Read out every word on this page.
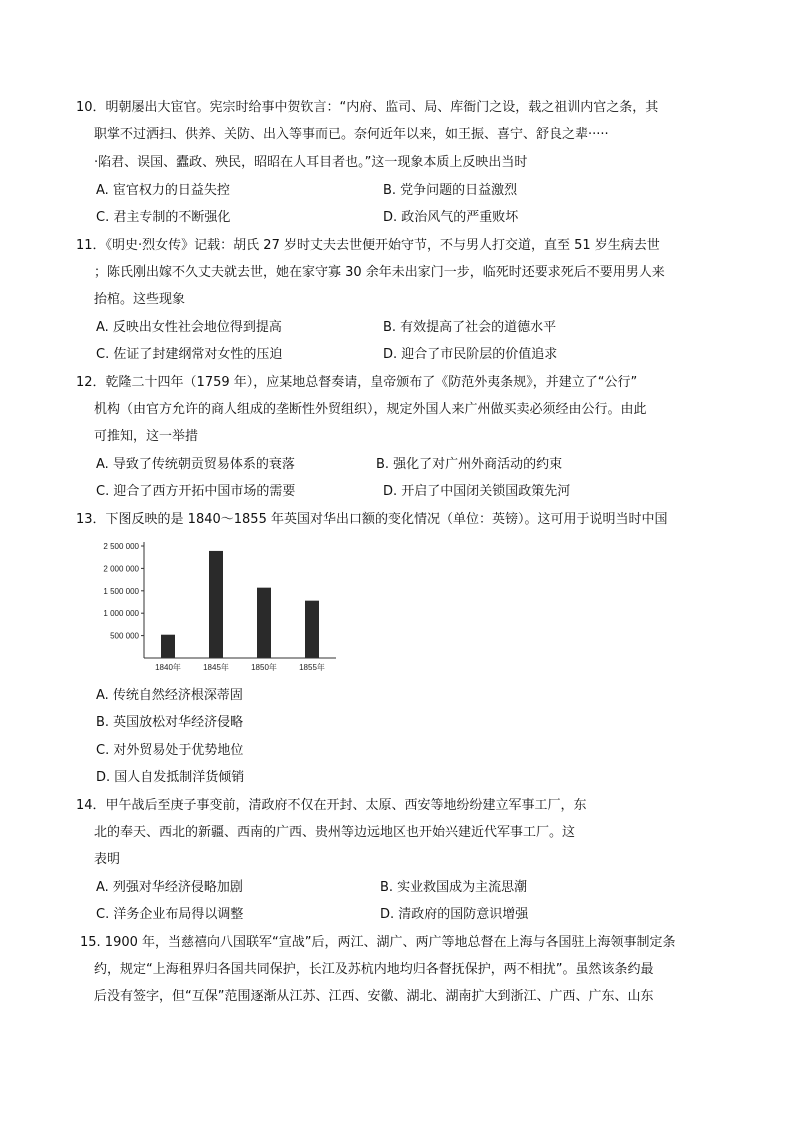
10．明朝屡出大宦官。宪宗时给事中贺钦言：“内府、监司、局、库衙门之设，载之祖训内官之条，其
职掌不过洒扫、供养、关防、出入等事而已。奈何近年以来，如王振、喜宁、舒良之辈·····
·陷君、误国、蠹政、殃民，昭昭在人耳目者也。”这一现象本质上反映出当时
A. 宦官权力的日益失控	B. 党争问题的日益激烈
C. 君主专制的不断强化	D. 政治风气的严重败坏
11．《明史·烈女传》记载：胡氏 27 岁时丈夫去世便开始守节，不与男人打交道，直至 51 岁生病去世
；陈氏刚出嫁不久丈夫就去世，她在家守寡 30 余年未出家门一步，临死时还要求死后不要用男人来
抬棺。这些现象
A. 反映出女性社会地位得到提高	B. 有效提高了社会的道德水平
C. 佐证了封建纲常对女性的压迫	D. 迎合了市民阶层的价值追求
12．乾隆二十四年（1759 年），应某地总督奏请，皇帝颁布了《防范外夷条规》，并建立了“公行”
机构（由官方允许的商人组成的垄断性外贸组织），规定外国人来广州做买卖必须经由公行。由此
可推知，这一举措
A. 导致了传统朝贡贸易体系的衰落	B. 强化了对广州外商活动的约束
C. 迎合了西方开拓中国市场的需要	D. 开启了中国闭关锁国政策先河
13．下图反映的是 1840～1855 年英国对华出口额的变化情况（单位：英镑）。这可用于说明当时中国
2 500 000
2 000 000
1 500 000
1 000 000
500 000
1840年	1845年	1850年	1855年
A. 传统自然经济根深蒂固
B. 英国放松对华经济侵略
C. 对外贸易处于优势地位
D. 国人自发抵制洋货倾销
14．甲午战后至庚子事变前，清政府不仅在开封、太原、西安等地纷纷建立军事工厂，东
北的奉天、西北的新疆、西南的广西、贵州等边远地区也开始兴建近代军事工厂。这
表明
A. 列强对华经济侵略加剧	B. 实业救国成为主流思潮
C. 洋务企业布局得以调整	D. 清政府的国防意识增强
15. 1900 年，当慈禧向八国联军“宣战”后，两江、湖广、两广等地总督在上海与各国驻上海领事制定条
约，规定“上海租界归各国共同保护，长江及苏杭内地均归各督抚保护，两不相扰”。虽然该条约最
后没有签字，但“互保”范围逐渐从江苏、江西、安徽、湖北、湖南扩大到浙江、广西、广东、山东
